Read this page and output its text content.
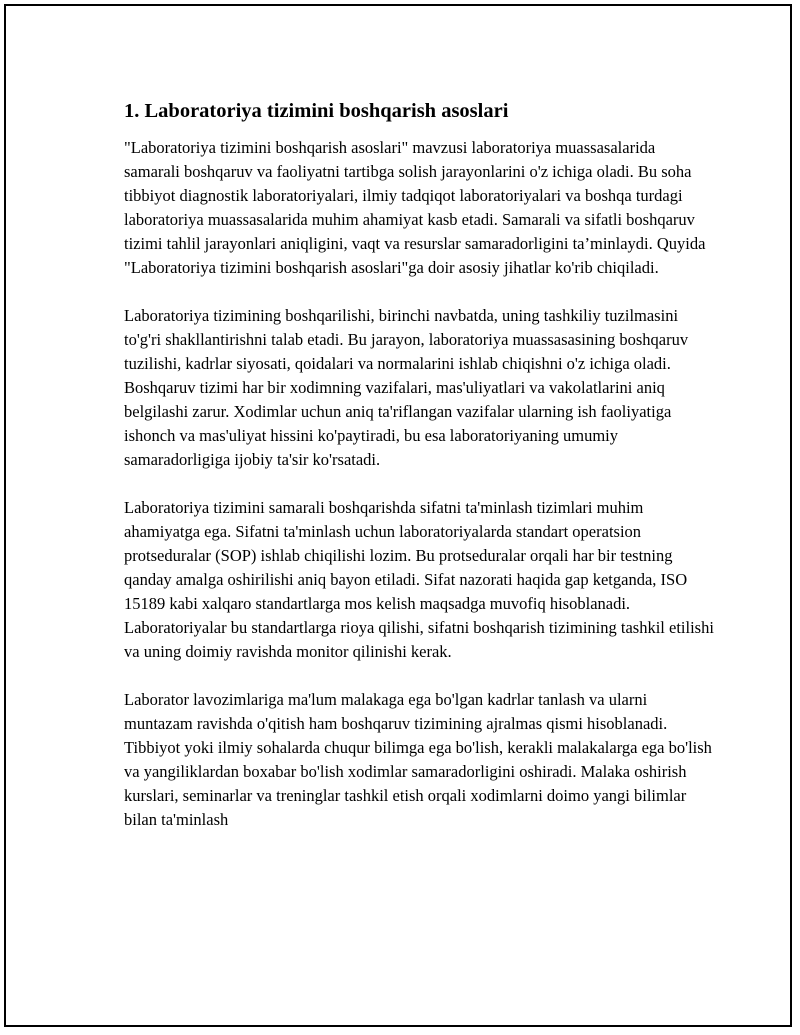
1. Laboratoriya tizimini boshqarish asoslari

"Laboratoriya tizimini boshqarish asoslari" mavzusi laboratoriya muassasalarida samarali boshqaruv va faoliyatni tartibga solish jarayonlarini o'z ichiga oladi. Bu soha tibbiyot diagnostik laboratoriyalari, ilmiy tadqiqot laboratoriyalari va boshqa turdagi laboratoriya muassasalarida muhim ahamiyat kasb etadi. Samarali va sifatli boshqaruv tizimi tahlil jarayonlari aniqligini, vaqt va resurslar samaradorligini ta’minlaydi. Quyida "Laboratoriya tizimini boshqarish asoslari"ga doir asosiy jihatlar ko'rib chiqiladi.

Laboratoriya tizimining boshqarilishi, birinchi navbatda, uning tashkiliy tuzilmasini to'g'ri shakllantirishni talab etadi. Bu jarayon, laboratoriya muassasasining boshqaruv tuzilishi, kadrlar siyosati, qoidalari va normalarini ishlab chiqishni o'z ichiga oladi. Boshqaruv tizimi har bir xodimning vazifalari, mas'uliyatlari va vakolatlarini aniq belgilashi zarur. Xodimlar uchun aniq ta'riflangan vazifalar ularning ish faoliyatiga ishonch va mas'uliyat hissini ko'paytiradi, bu esa laboratoriyaning umumiy samaradorligiga ijobiy ta'sir ko'rsatadi.

Laboratoriya tizimini samarali boshqarishda sifatni ta'minlash tizimlari muhim ahamiyatga ega. Sifatni ta'minlash uchun laboratoriyalarda standart operatsion protseduralar (SOP) ishlab chiqilishi lozim. Bu protseduralar orqali har bir testning qanday amalga oshirilishi aniq bayon etiladi. Sifat nazorati haqida gap ketganda, ISO 15189 kabi xalqaro standartlarga mos kelish maqsadga muvofiq hisoblanadi. Laboratoriyalar bu standartlarga rioya qilishi, sifatni boshqarish tizimining tashkil etilishi va uning doimiy ravishda monitor qilinishi kerak.

Laborator lavozimlariga ma'lum malakaga ega bo'lgan kadrlar tanlash va ularni muntazam ravishda o'qitish ham boshqaruv tizimining ajralmas qismi hisoblanadi. Tibbiyot yoki ilmiy sohalarda chuqur bilimga ega bo'lish, kerakli malakalarga ega bo'lish va yangiliklardan boxabar bo'lish xodimlar samaradorligini oshiradi. Malaka oshirish kurslari, seminarlar va treninglar tashkil etish orqali xodimlarni doimo yangi bilimlar bilan ta'minlash
